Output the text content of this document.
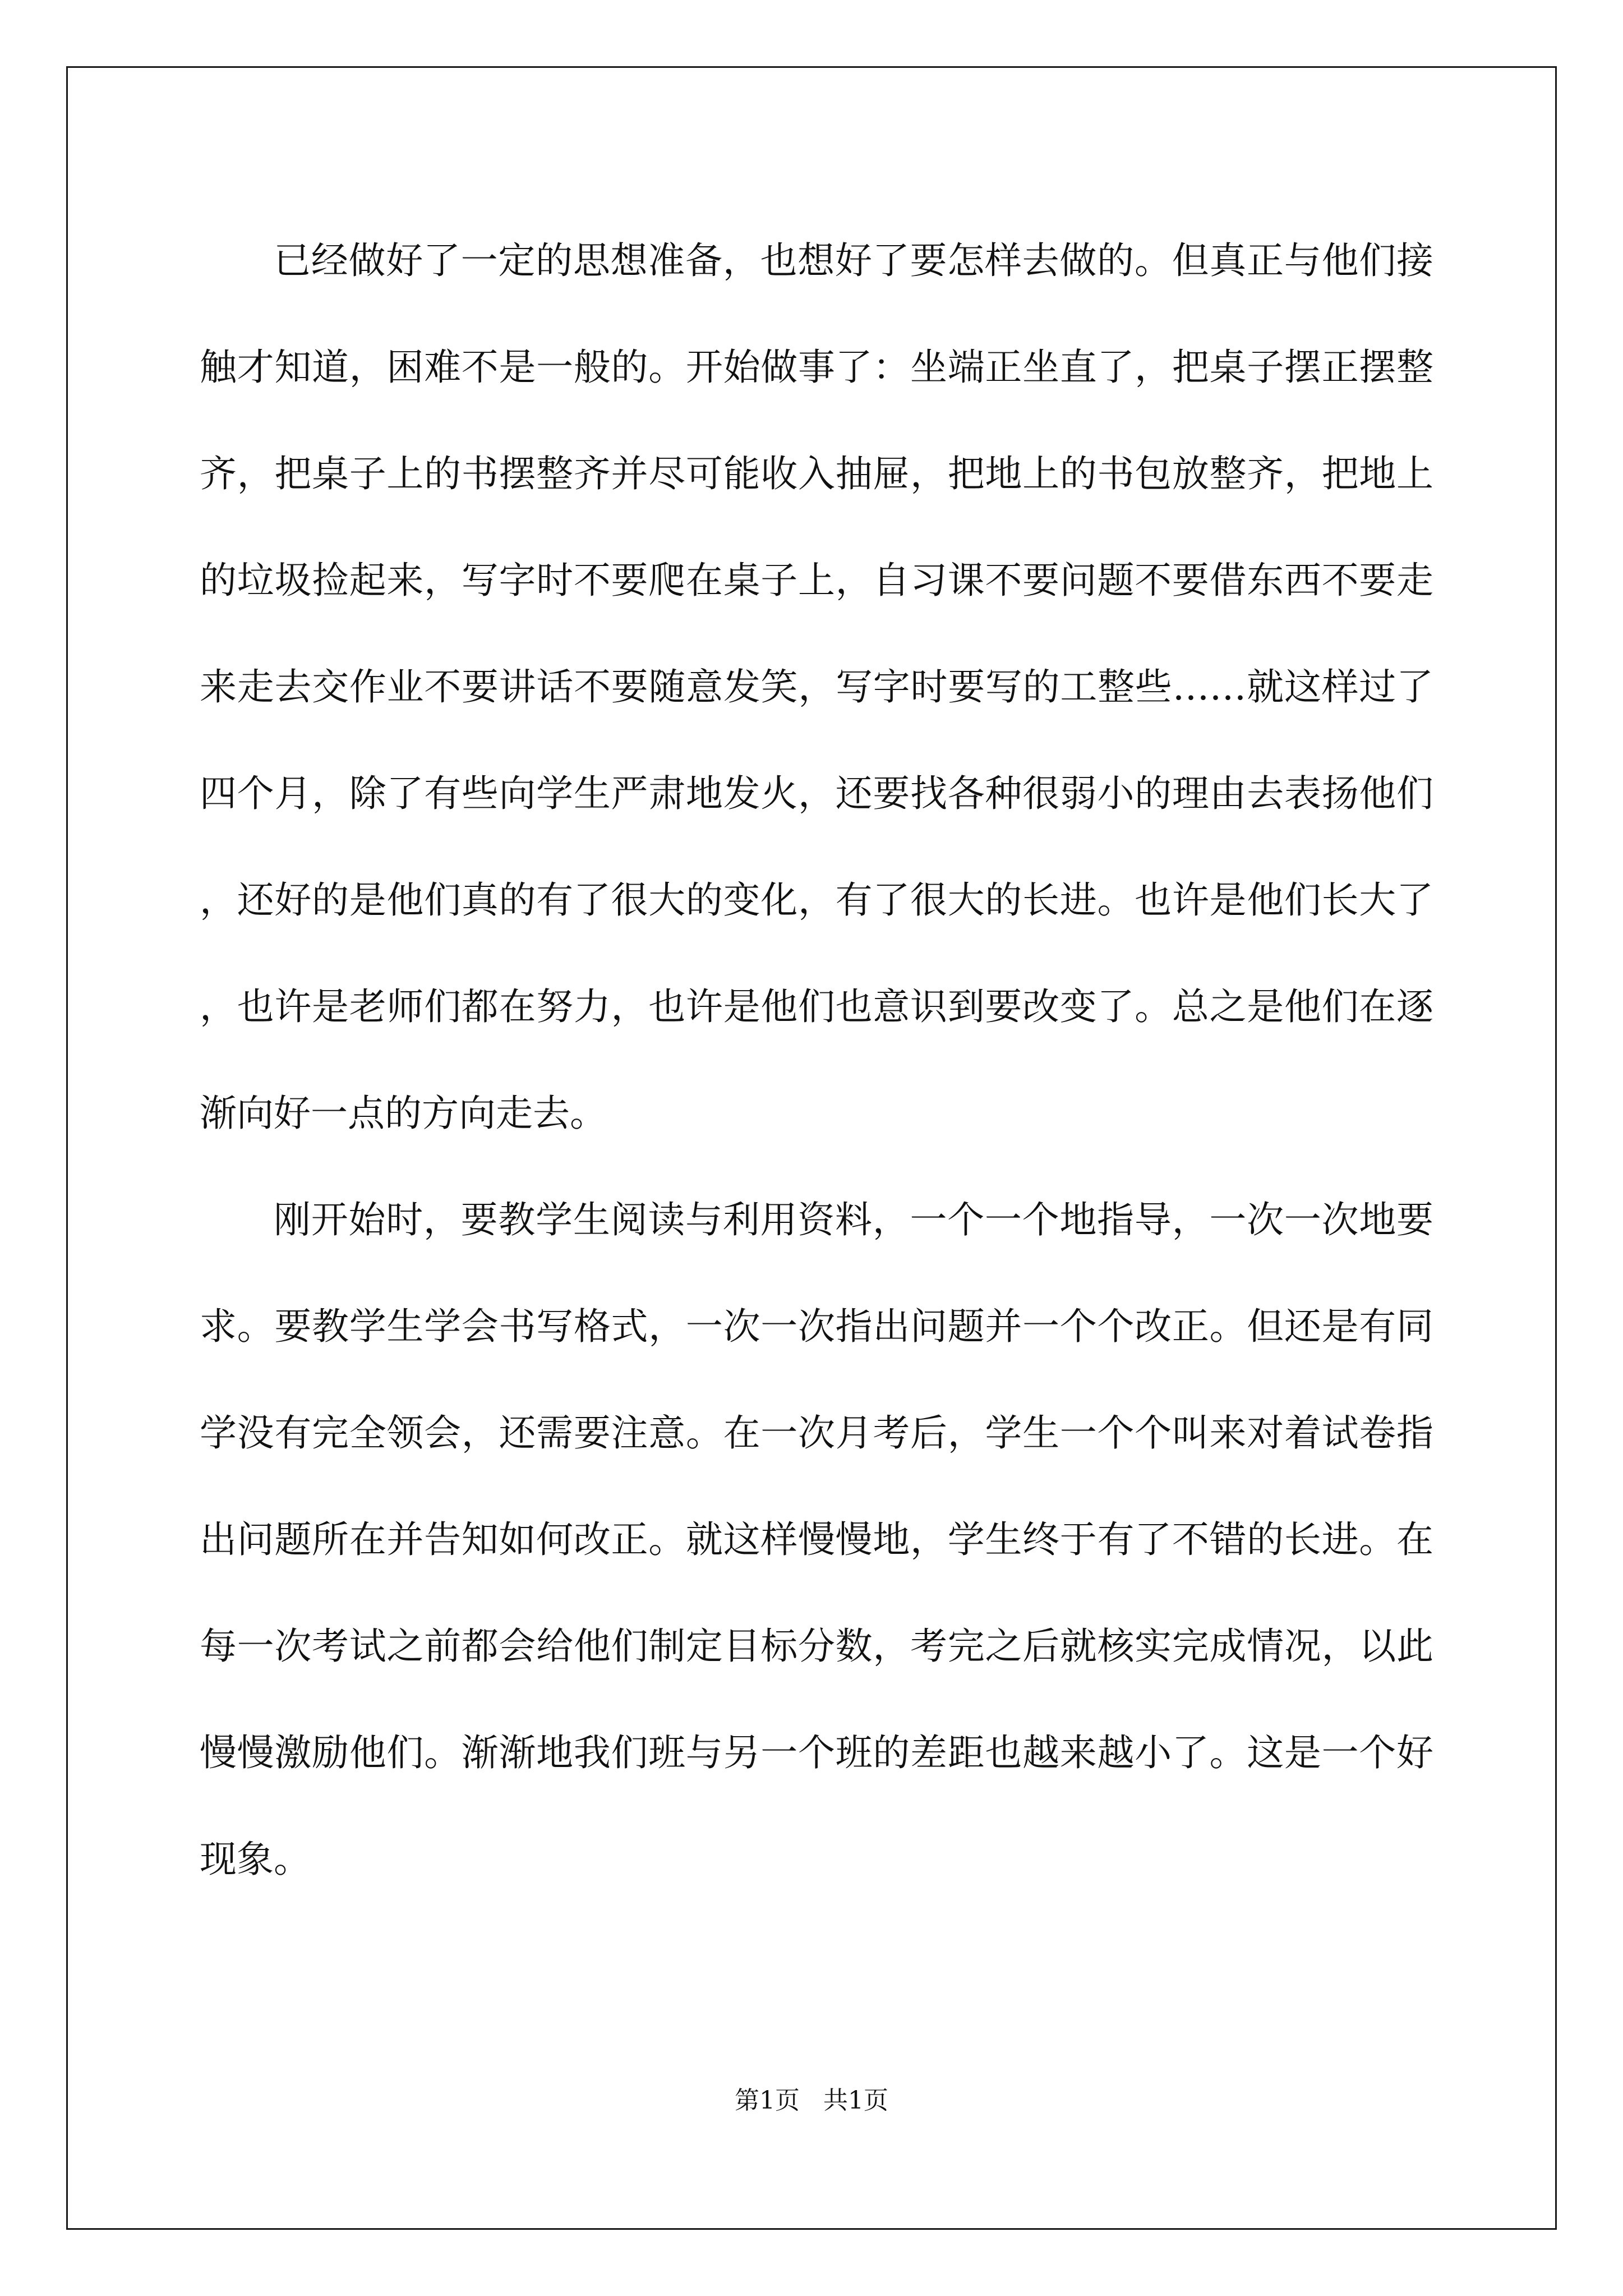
已经做好了一定的思想准备，也想好了要怎样去做的。但真正与他们接触才知道，困难不是一般的。开始做事了：坐端正坐直了，把桌子摆正摆整齐，把桌子上的书摆整齐并尽可能收入抽屉，把地上的书包放整齐，把地上的垃圾捡起来，写字时不要爬在桌子上，自习课不要问题不要借东西不要走来走去交作业不要讲话不要随意发笑，写字时要写的工整些……就这样过了四个月，除了有些向学生严肃地发火，还要找各种很弱小的理由去表扬他们，还好的是他们真的有了很大的变化，有了很大的长进。也许是他们长大了，也许是老师们都在努力，也许是他们也意识到要改变了。总之是他们在逐渐向好一点的方向走去。

刚开始时，要教学生阅读与利用资料，一个一个地指导，一次一次地要求。要教学生学会书写格式，一次一次指出问题并一个个改正。但还是有同学没有完全领会，还需要注意。在一次月考后，学生一个个叫来对着试卷指出问题所在并告知如何改正。就这样慢慢地，学生终于有了不错的长进。在每一次考试之前都会给他们制定目标分数，考完之后就核实完成情况，以此慢慢激励他们。渐渐地我们班与另一个班的差距也越来越小了。这是一个好现象。

第1页   共1页
